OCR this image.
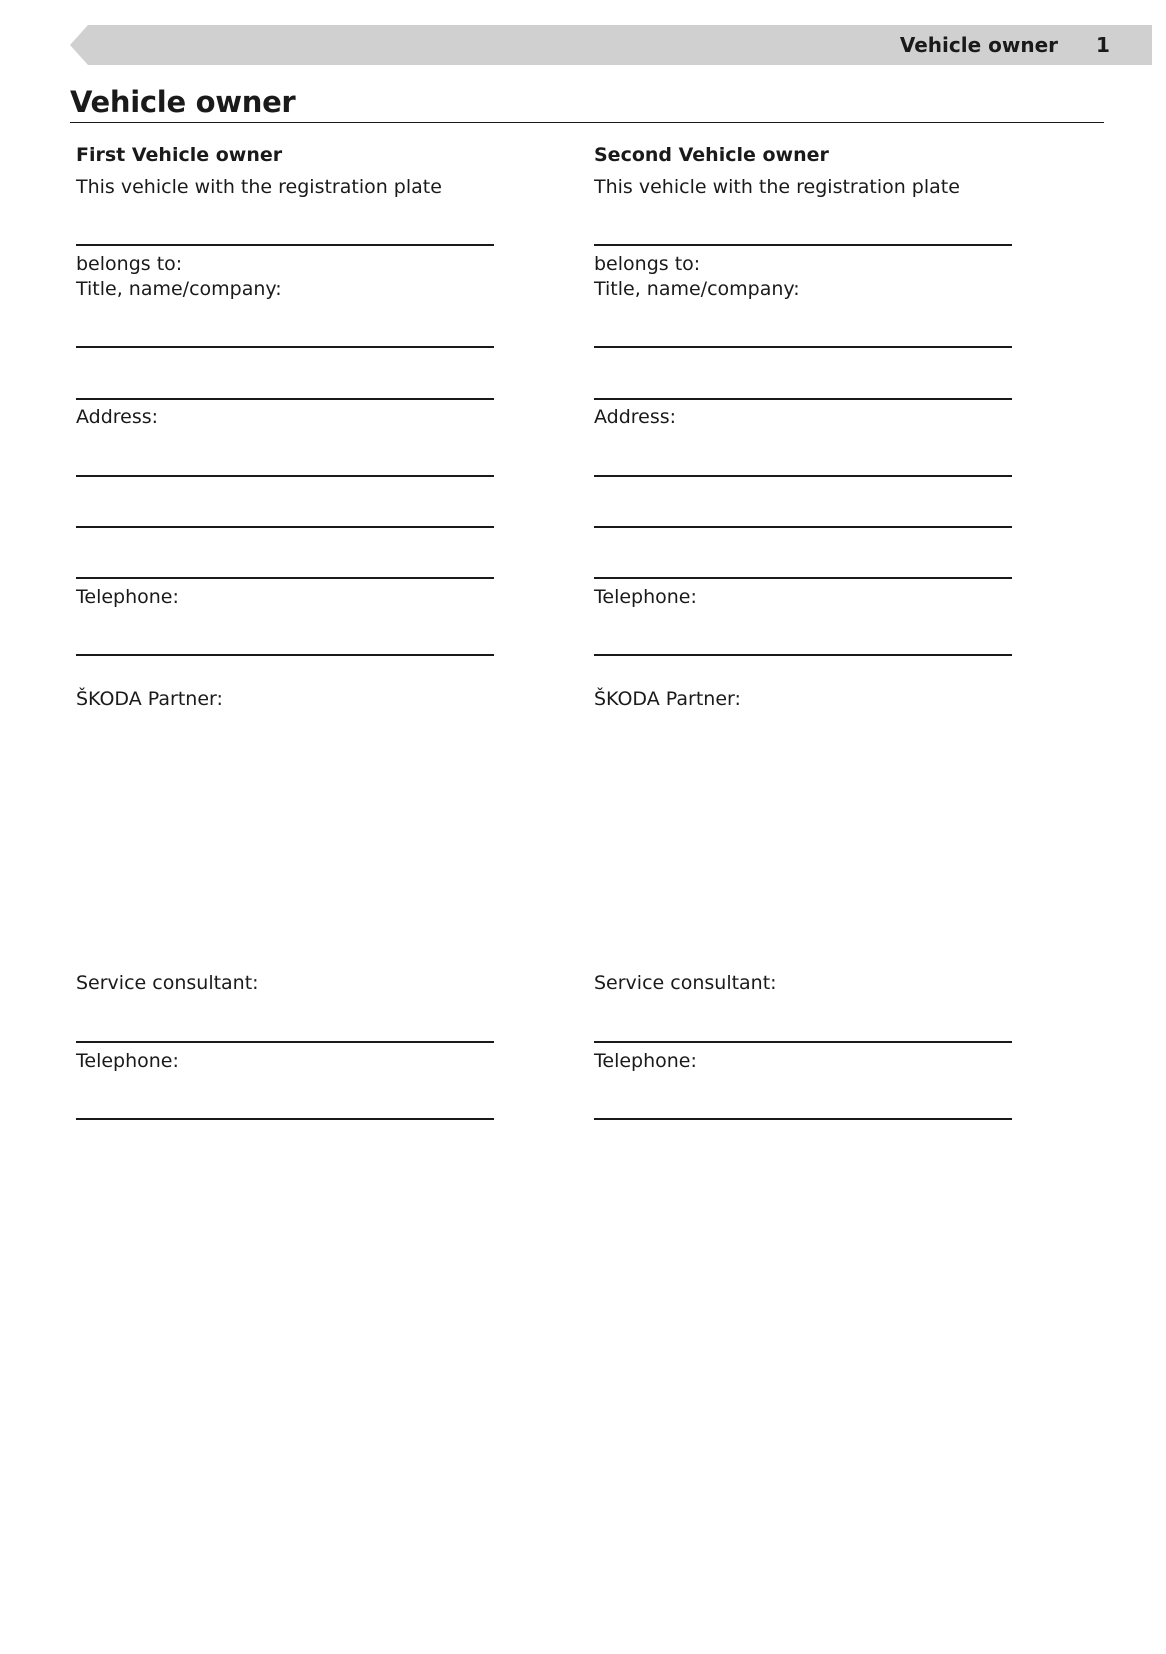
Vehicle owner 1
Vehicle owner
First Vehicle owner
This vehicle with the registration plate
belongs to:
Title, name/company:
Address:
Telephone:
ŠKODA Partner:
Service consultant:
Telephone:
Second Vehicle owner
This vehicle with the registration plate
belongs to:
Title, name/company:
Address:
Telephone:
ŠKODA Partner:
Service consultant:
Telephone:
